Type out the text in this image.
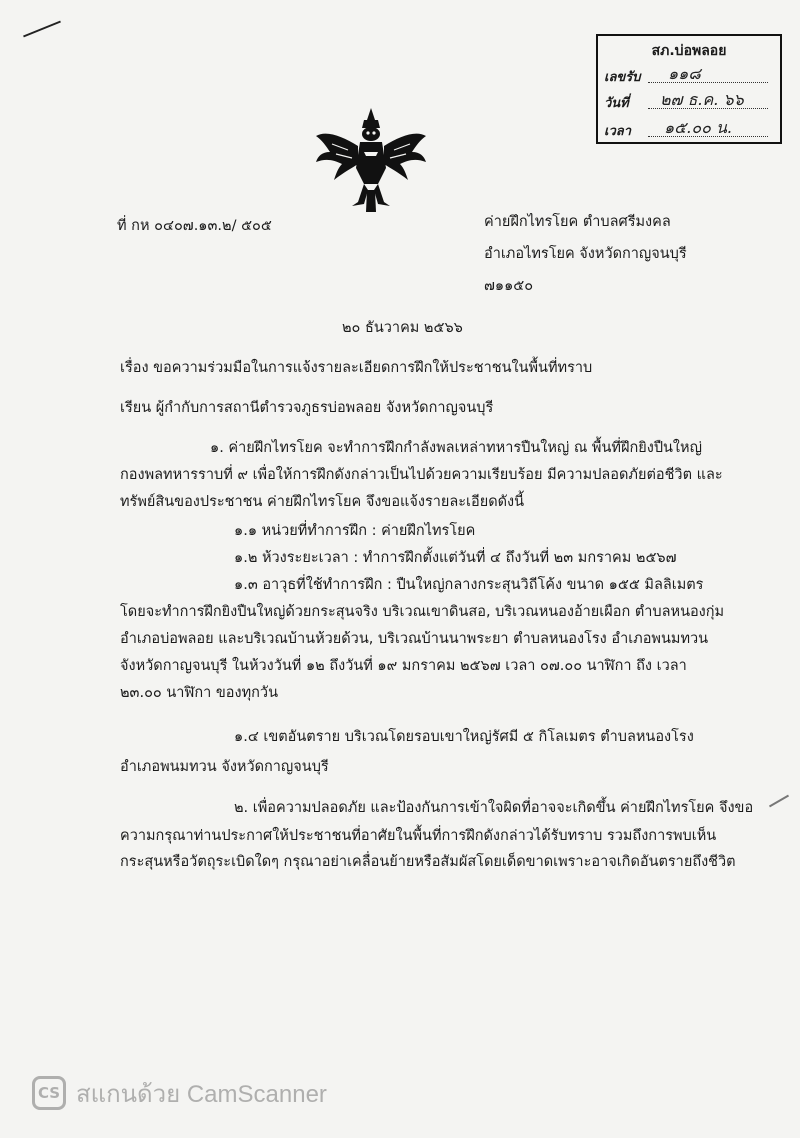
สภ.บ่อพลอย
เลขรับ ๑๑๘
วันที่ ๒๗ ธ.ค. ๖๖
เวลา ๑๕.๐๐ น.
ที่ กห ๐๔๐๗.๑๓.๒/ ๕๐๕	ค่ายฝึกไทรโยค ตำบลศรีมงคล
อำเภอไทรโยค จังหวัดกาญจนบุรี
๗๑๑๕๐
๒๐ ธันวาคม ๒๕๖๖
เรื่อง ขอความร่วมมือในการแจ้งรายละเอียดการฝึกให้ประชาชนในพื้นที่ทราบ
เรียน ผู้กำกับการสถานีตำรวจภูธรบ่อพลอย จังหวัดกาญจนบุรี
๑. ค่ายฝึกไทรโยค จะทำการฝึกกำลังพลเหล่าทหารปืนใหญ่ ณ พื้นที่ฝึกยิงปืนใหญ่
กองพลทหารราบที่ ๙ เพื่อให้การฝึกดังกล่าวเป็นไปด้วยความเรียบร้อย มีความปลอดภัยต่อชีวิต และ
ทรัพย์สินของประชาชน ค่ายฝึกไทรโยค จึงขอแจ้งรายละเอียดดังนี้
๑.๑ หน่วยที่ทำการฝึก : ค่ายฝึกไทรโยค
๑.๒ ห้วงระยะเวลา : ทำการฝึกตั้งแต่วันที่ ๔ ถึงวันที่ ๒๓ มกราคม ๒๕๖๗
๑.๓ อาวุธที่ใช้ทำการฝึก : ปืนใหญ่กลางกระสุนวิถีโค้ง ขนาด ๑๕๕ มิลลิเมตร
โดยจะทำการฝึกยิงปืนใหญ่ด้วยกระสุนจริง บริเวณเขาดินสอ, บริเวณหนองอ้ายเผือก ตำบลหนองกุ่ม
อำเภอบ่อพลอย และบริเวณบ้านห้วยด้วน, บริเวณบ้านนาพระยา ตำบลหนองโรง อำเภอพนมทวน
จังหวัดกาญจนบุรี ในห้วงวันที่ ๑๒ ถึงวันที่ ๑๙ มกราคม ๒๕๖๗ เวลา ๐๗.๐๐ นาฬิกา ถึง เวลา
๒๓.๐๐ นาฬิกา ของทุกวัน
๑.๔ เขตอันตราย บริเวณโดยรอบเขาใหญ่รัศมี ๕ กิโลเมตร ตำบลหนองโรง
อำเภอพนมทวน จังหวัดกาญจนบุรี
๒. เพื่อความปลอดภัย และป้องกันการเข้าใจผิดที่อาจจะเกิดขึ้น ค่ายฝึกไทรโยค จึงขอ
ความกรุณาท่านประกาศให้ประชาชนที่อาศัยในพื้นที่การฝึกดังกล่าวได้รับทราบ รวมถึงการพบเห็น
กระสุนหรือวัตถุระเบิดใดๆ กรุณาอย่าเคลื่อนย้ายหรือสัมผัสโดยเด็ดขาดเพราะอาจเกิดอันตรายถึงชีวิต
CS สแกนด้วย CamScanner
